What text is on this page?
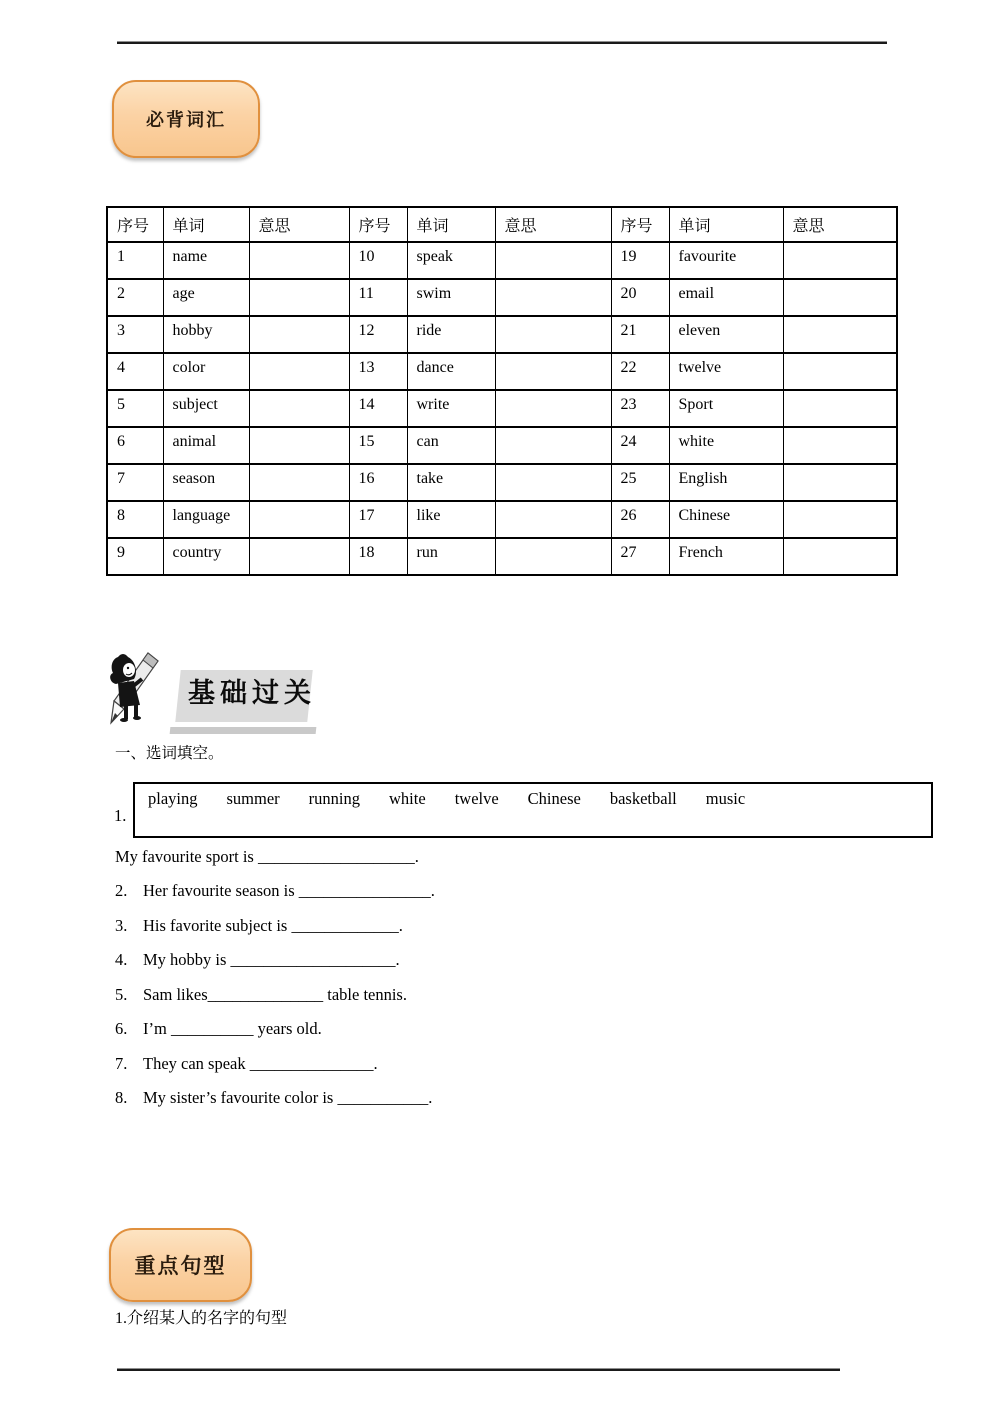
必背词汇
序号	单词	意思	序号	单词	意思	序号	单词	意思
1	name		10	speak		19	favourite	
2	age		11	swim		20	email	
3	hobby		12	ride		21	eleven	
4	color		13	dance		22	twelve	
5	subject		14	write		23	Sport	
6	animal		15	can		24	white	
7	season		16	take		25	English	
8	language		17	like		26	Chinese	
9	country		18	run		27	French	
基础过关
一、选词填空。
1.
playing summer running white twelve Chinese basketball music
My favourite sport is ___________________.
2. Her favourite season is ________________.
3. His favorite subject is _____________.
4. My hobby is ____________________.
5. Sam likes______________ table tennis.
6. I’m __________ years old.
7. They can speak _______________.
8. My sister’s favourite color is ___________.
重点句型
1.介绍某人的名字的句型
